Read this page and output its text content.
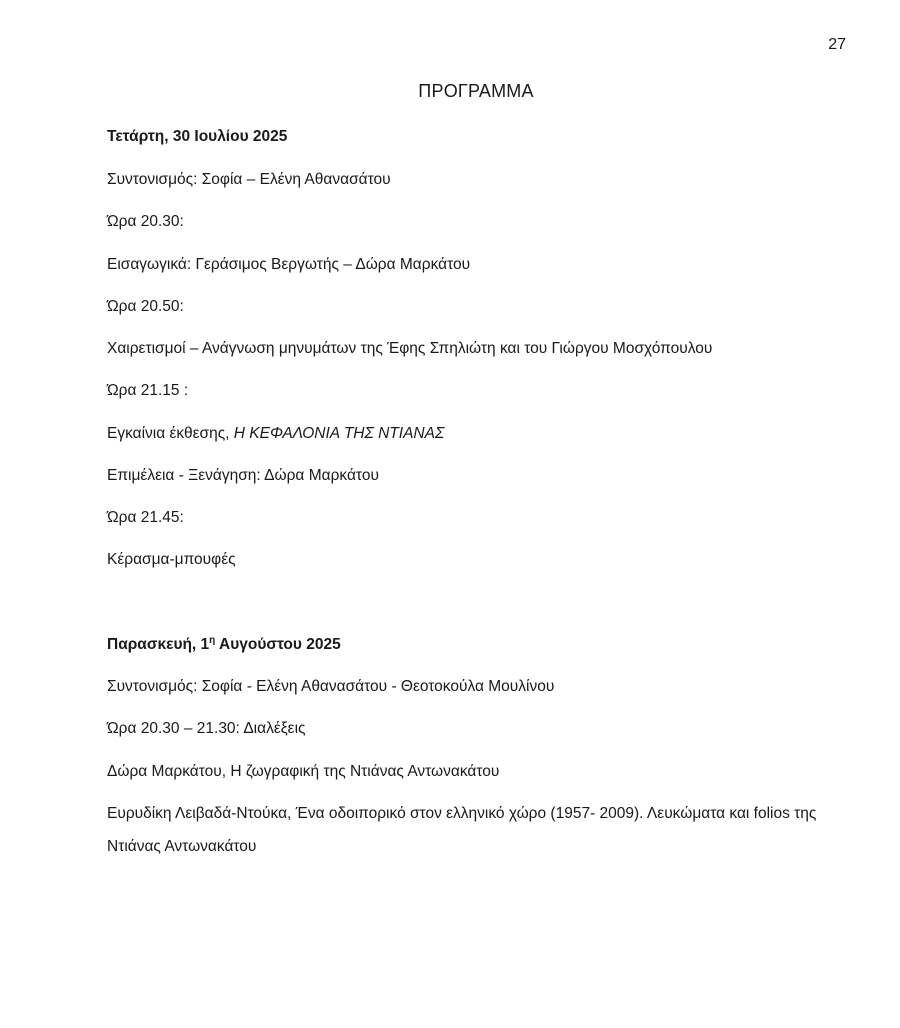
27
ΠΡΟΓΡΑΜΜΑ
Τετάρτη, 30 Ιουλίου 2025
Συντονισμός: Σοφία – Ελένη Αθανασάτου
Ώρα 20.30:
Εισαγωγικά: Γεράσιμος Βεργωτής – Δώρα Μαρκάτου
Ώρα 20.50:
Χαιρετισμοί – Ανάγνωση μηνυμάτων της Έφης Σπηλιώτη και του Γιώργου Μοσχόπουλου
Ώρα 21.15 :
Εγκαίνια έκθεσης, Η ΚΕΦΑΛΟΝΙΑ ΤΗΣ ΝΤΙΑΝΑΣ
Επιμέλεια - Ξενάγηση: Δώρα Μαρκάτου
Ώρα 21.45:
Κέρασμα-μπουφές
Παρασκευή, $1^\eta$ Αυγούστου 2025
Συντονισμός: Σοφία - Ελένη Αθανασάτου - Θεοτοκούλα Μουλίνου
Ώρα 20.30 – 21.30: Διαλέξεις
Δώρα Μαρκάτου, Η ζωγραφική της Ντιάνας Αντωνακάτου
Ευρυδίκη Λειβαδά-Ντούκα, Ένα οδοιπορικό στον ελληνικό χώρο (1957- 2009). Λευκώματα και folios της Ντιάνας Αντωνακάτου
